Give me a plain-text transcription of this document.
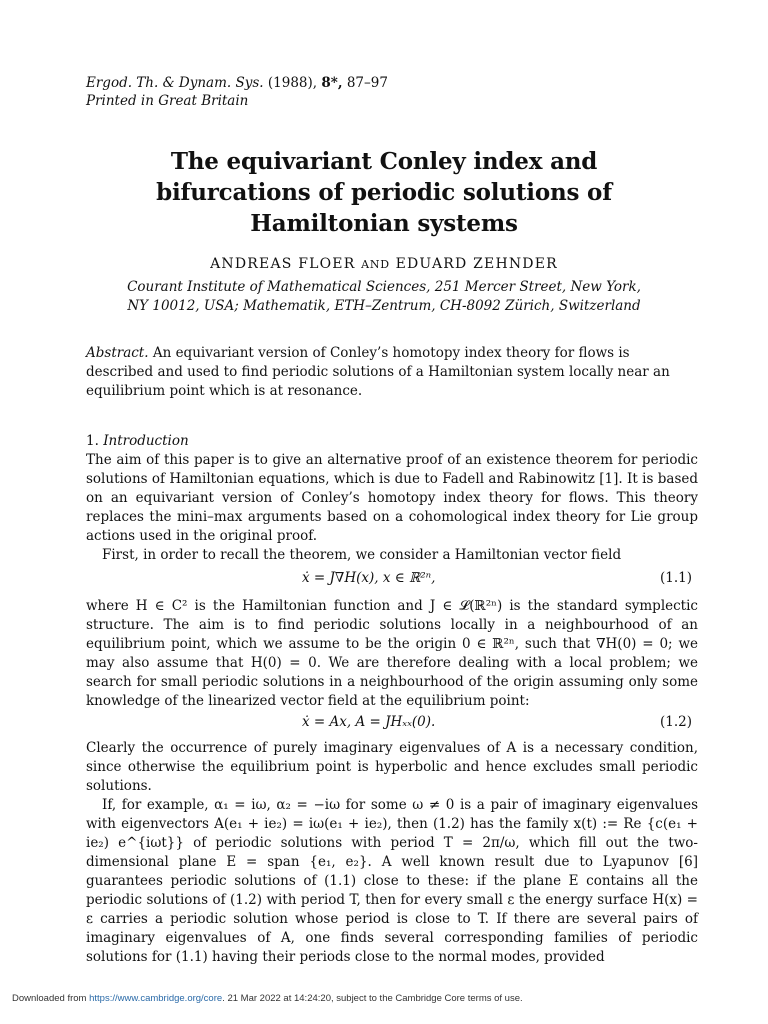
Ergod. Th. & Dynam. Sys. (1988), 8*, 87–97
Printed in Great Britain
The equivariant Conley index and
bifurcations of periodic solutions of
Hamiltonian systems
ANDREAS FLOER AND EDUARD ZEHNDER
Courant Institute of Mathematical Sciences, 251 Mercer Street, New York,
NY 10012, USA; Mathematik, ETH–Zentrum, CH-8092 Zürich, Switzerland
Abstract. An equivariant version of Conley’s homotopy index theory for flows is described and used to find periodic solutions of a Hamiltonian system locally near an equilibrium point which is at resonance.
1. Introduction
The aim of this paper is to give an alternative proof of an existence theorem for periodic solutions of Hamiltonian equations, which is due to Fadell and Rabinowitz [1]. It is based on an equivariant version of Conley’s homotopy index theory for flows. This theory replaces the mini–max arguments based on a cohomological index theory for Lie group actions used in the original proof.
First, in order to recall the theorem, we consider a Hamiltonian vector field
ẋ = J∇H(x), x ∈ ℝ²ⁿ,	(1.1)
where H ∈ C² is the Hamiltonian function and J ∈ 𝓛(ℝ²ⁿ) is the standard symplectic structure. The aim is to find periodic solutions locally in a neighbourhood of an equilibrium point, which we assume to be the origin 0 ∈ ℝ²ⁿ, such that ∇H(0) = 0; we may also assume that H(0) = 0. We are therefore dealing with a local problem; we search for small periodic solutions in a neighbourhood of the origin assuming only some knowledge of the linearized vector field at the equilibrium point:
ẋ = Ax, A = JHₓₓ(0).	(1.2)
Clearly the occurrence of purely imaginary eigenvalues of A is a necessary condition, since otherwise the equilibrium point is hyperbolic and hence excludes small periodic solutions.
If, for example, α₁ = iω, α₂ = −iω for some ω ≠ 0 is a pair of imaginary eigenvalues with eigenvectors A(e₁ + ie₂) = iω(e₁ + ie₂), then (1.2) has the family x(t) := Re {c(e₁ + ie₂) e^{iωt}} of periodic solutions with period T = 2π/ω, which fill out the two-dimensional plane E = span {e₁, e₂}. A well known result due to Lyapunov [6] guarantees periodic solutions of (1.1) close to these: if the plane E contains all the periodic solutions of (1.2) with period T, then for every small ε the energy surface H(x) = ε carries a periodic solution whose period is close to T. If there are several pairs of imaginary eigenvalues of A, one finds several corresponding families of periodic solutions for (1.1) having their periods close to the normal modes, provided
Downloaded from https://www.cambridge.org/core. 21 Mar 2022 at 14:24:20, subject to the Cambridge Core terms of use.
